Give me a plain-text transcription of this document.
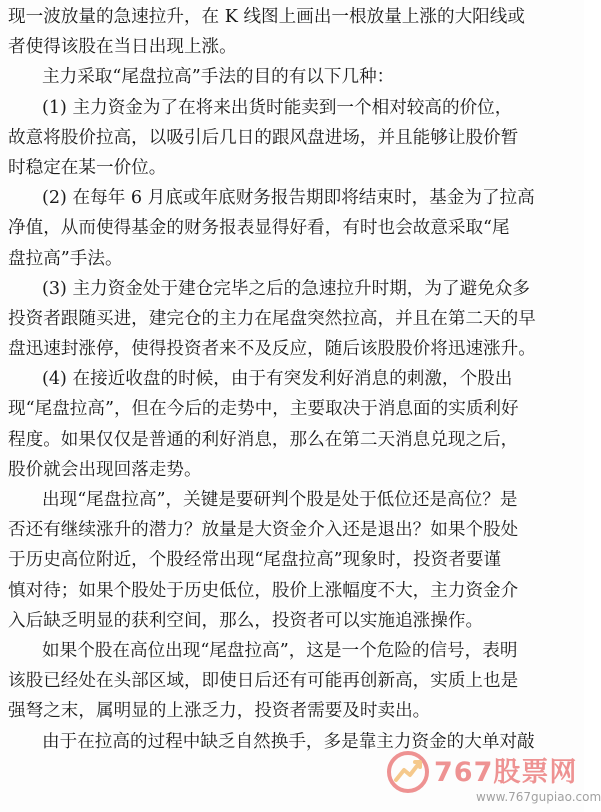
现一波放量的急速拉升，在 K 线图上画出一根放量上涨的大阳线或
者使得该股在当日出现上涨。
主力采取“尾盘拉高”手法的目的有以下几种：
(1) 主力资金为了在将来出货时能卖到一个相对较高的价位，
故意将股价拉高，以吸引后几日的跟风盘进场，并且能够让股价暂
时稳定在某一价位。
(2) 在每年 6 月底或年底财务报告期即将结束时，基金为了拉高
净值，从而使得基金的财务报表显得好看，有时也会故意采取“尾
盘拉高”手法。
(3) 主力资金处于建仓完毕之后的急速拉升时期，为了避免众多
投资者跟随买进，建完仓的主力在尾盘突然拉高，并且在第二天的早
盘迅速封涨停，使得投资者来不及反应，随后该股股价将迅速涨升。
(4) 在接近收盘的时候，由于有突发利好消息的刺激，个股出
现“尾盘拉高”，但在今后的走势中，主要取决于消息面的实质利好
程度。如果仅仅是普通的利好消息，那么在第二天消息兑现之后，
股价就会出现回落走势。
出现“尾盘拉高”，关键是要研判个股是处于低位还是高位？是
否还有继续涨升的潜力？放量是大资金介入还是退出？如果个股处
于历史高位附近，个股经常出现“尾盘拉高”现象时，投资者要谨
慎对待；如果个股处于历史低位，股价上涨幅度不大，主力资金介
入后缺乏明显的获利空间，那么，投资者可以实施追涨操作。
如果个股在高位出现“尾盘拉高”，这是一个危险的信号，表明
该股已经处在头部区域，即使日后还有可能再创新高，实质上也是
强弩之末，属明显的上涨乏力，投资者需要及时卖出。
由于在拉高的过程中缺乏自然换手，多是靠主力资金的大单对敲
767股票网
www.767gupiao.com
